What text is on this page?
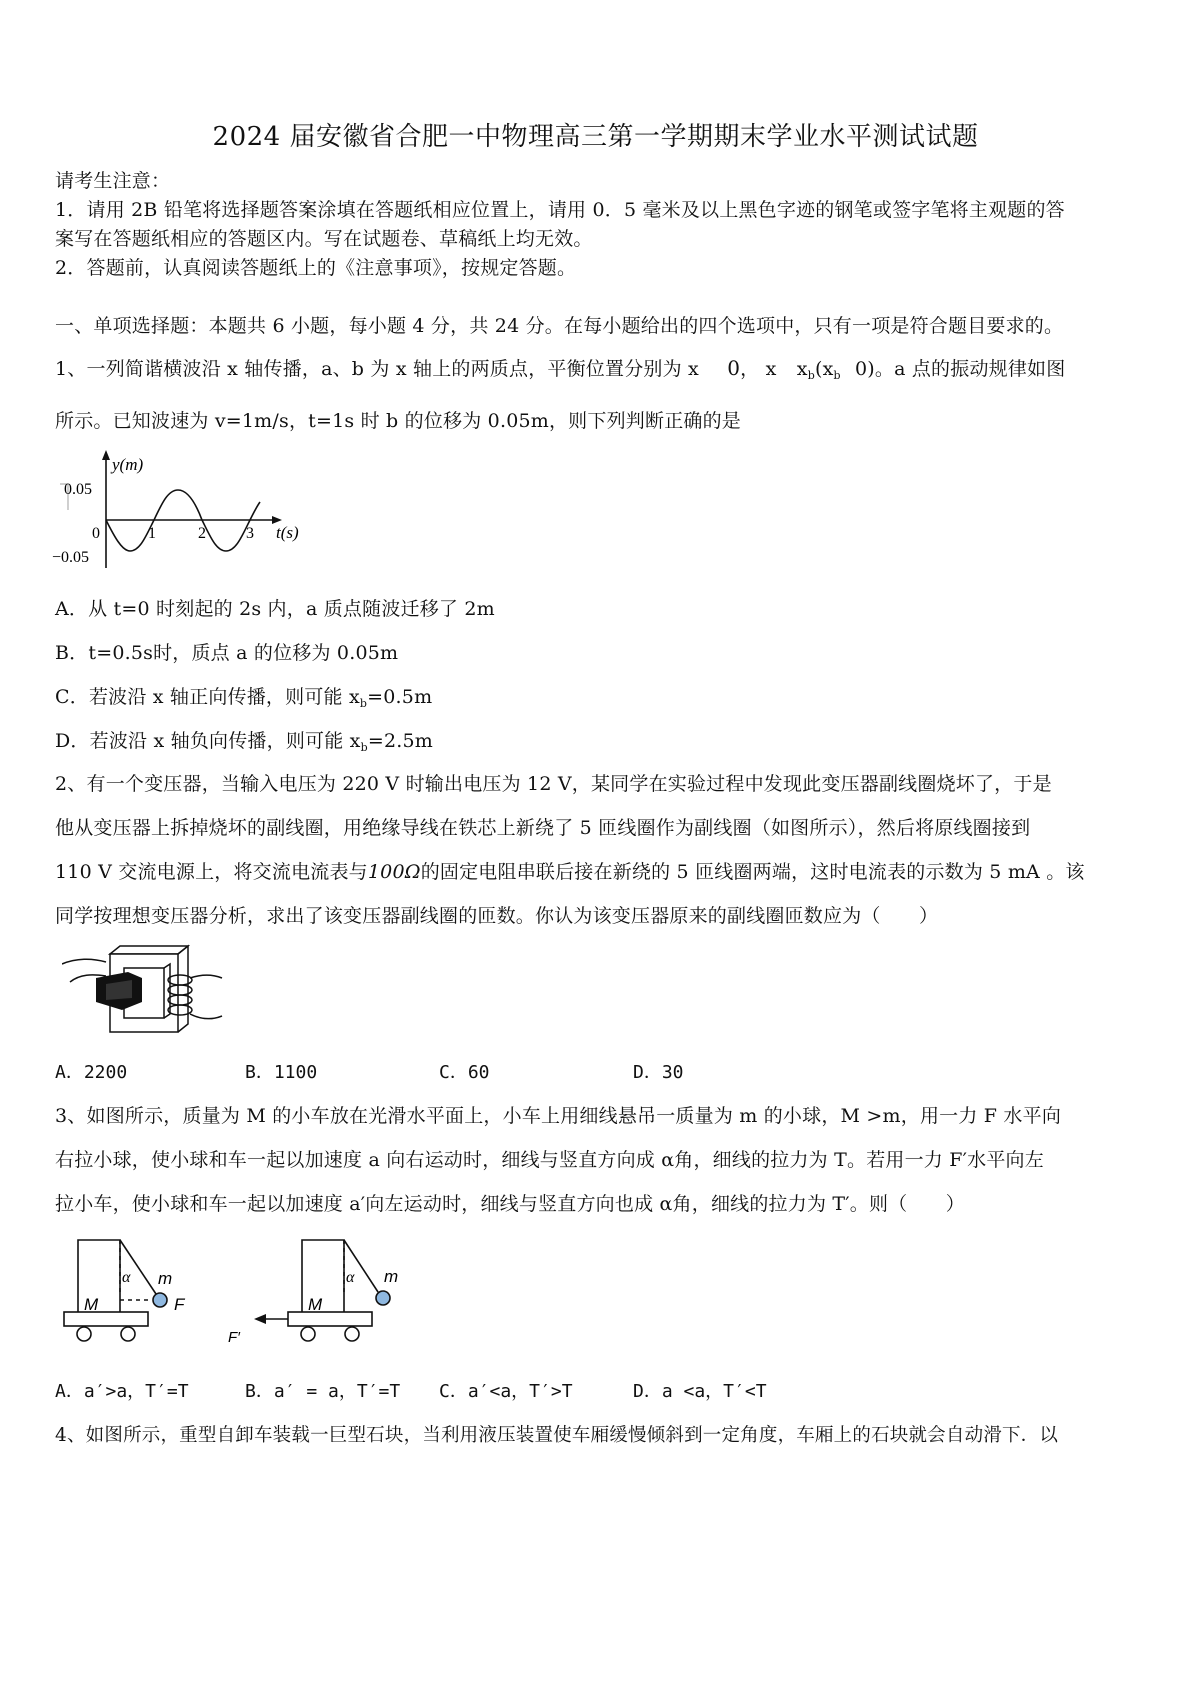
2024 届安徽省合肥一中物理高三第一学期期末学业水平测试试题
请考生注意：
1．请用 2B 铅笔将选择题答案涂填在答题纸相应位置上，请用 0．5 毫米及以上黑色字迹的钢笔或签字笔将主观题的答
案写在答题纸相应的答题区内。写在试题卷、草稿纸上均无效。
2．答题前，认真阅读答题纸上的《注意事项》，按规定答题。
一、单项选择题：本题共 6 小题，每小题 4 分，共 24 分。在每小题给出的四个选项中，只有一项是符合题目要求的。
1、一列简谐横波沿 x 轴传播，a、b 为 x 轴上的两质点，平衡位置分别为 x 0， x $x_b(x_b$ 0)。a 点的振动规律如图
所示。已知波速为 v=1m/s，t=1s 时 b 的位移为 0.05m，则下列判断正确的是
y(m)
0.05
−0.05
0	1	2	3 t(s)
A．从 t=0 时刻起的 2s 内，a 质点随波迁移了 2m
B．t=0.5s时，质点 a 的位移为 0.05m
C．若波沿 x 轴正向传播，则可能 $x_b=0.5m$
D．若波沿 x 轴负向传播，则可能 $x_b=2.5m$
2、有一个变压器，当输入电压为 220 V 时输出电压为 12 V，某同学在实验过程中发现此变压器副线圈烧坏了，于是
他从变压器上拆掉烧坏的副线圈，用绝缘导线在铁芯上新绕了 5 匝线圈作为副线圈（如图所示），然后将原线圈接到
110 V 交流电源上，将交流电流表与100Ω的固定电阻串联后接在新绕的 5 匝线圈两端，这时电流表的示数为 5 mA 。该
同学按理想变压器分析，求出了该变压器副线圈的匝数。你认为该变压器原来的副线圈匝数应为（　　）
A．2200	B．1100	C．60	D．30
3、如图所示，质量为 M 的小车放在光滑水平面上，小车上用细线悬吊一质量为 m 的小球，M >m，用一力 F 水平向
右拉小球，使小球和车一起以加速度 a 向右运动时，细线与竖直方向成 α角，细线的拉力为 T。若用一力 F′水平向左
拉小车，使小球和车一起以加速度 a′向左运动时，细线与竖直方向也成 α角，细线的拉力为 T′。则（　　）
α m
M	F
α m
M
F′
A．a′>a，T′=T	B．a′ = a，T′=T C．a′<a，T′>T	D．a <a，T′<T
4、如图所示，重型自卸车装载一巨型石块，当利用液压装置使车厢缓慢倾斜到一定角度，车厢上的石块就会自动滑下．以
